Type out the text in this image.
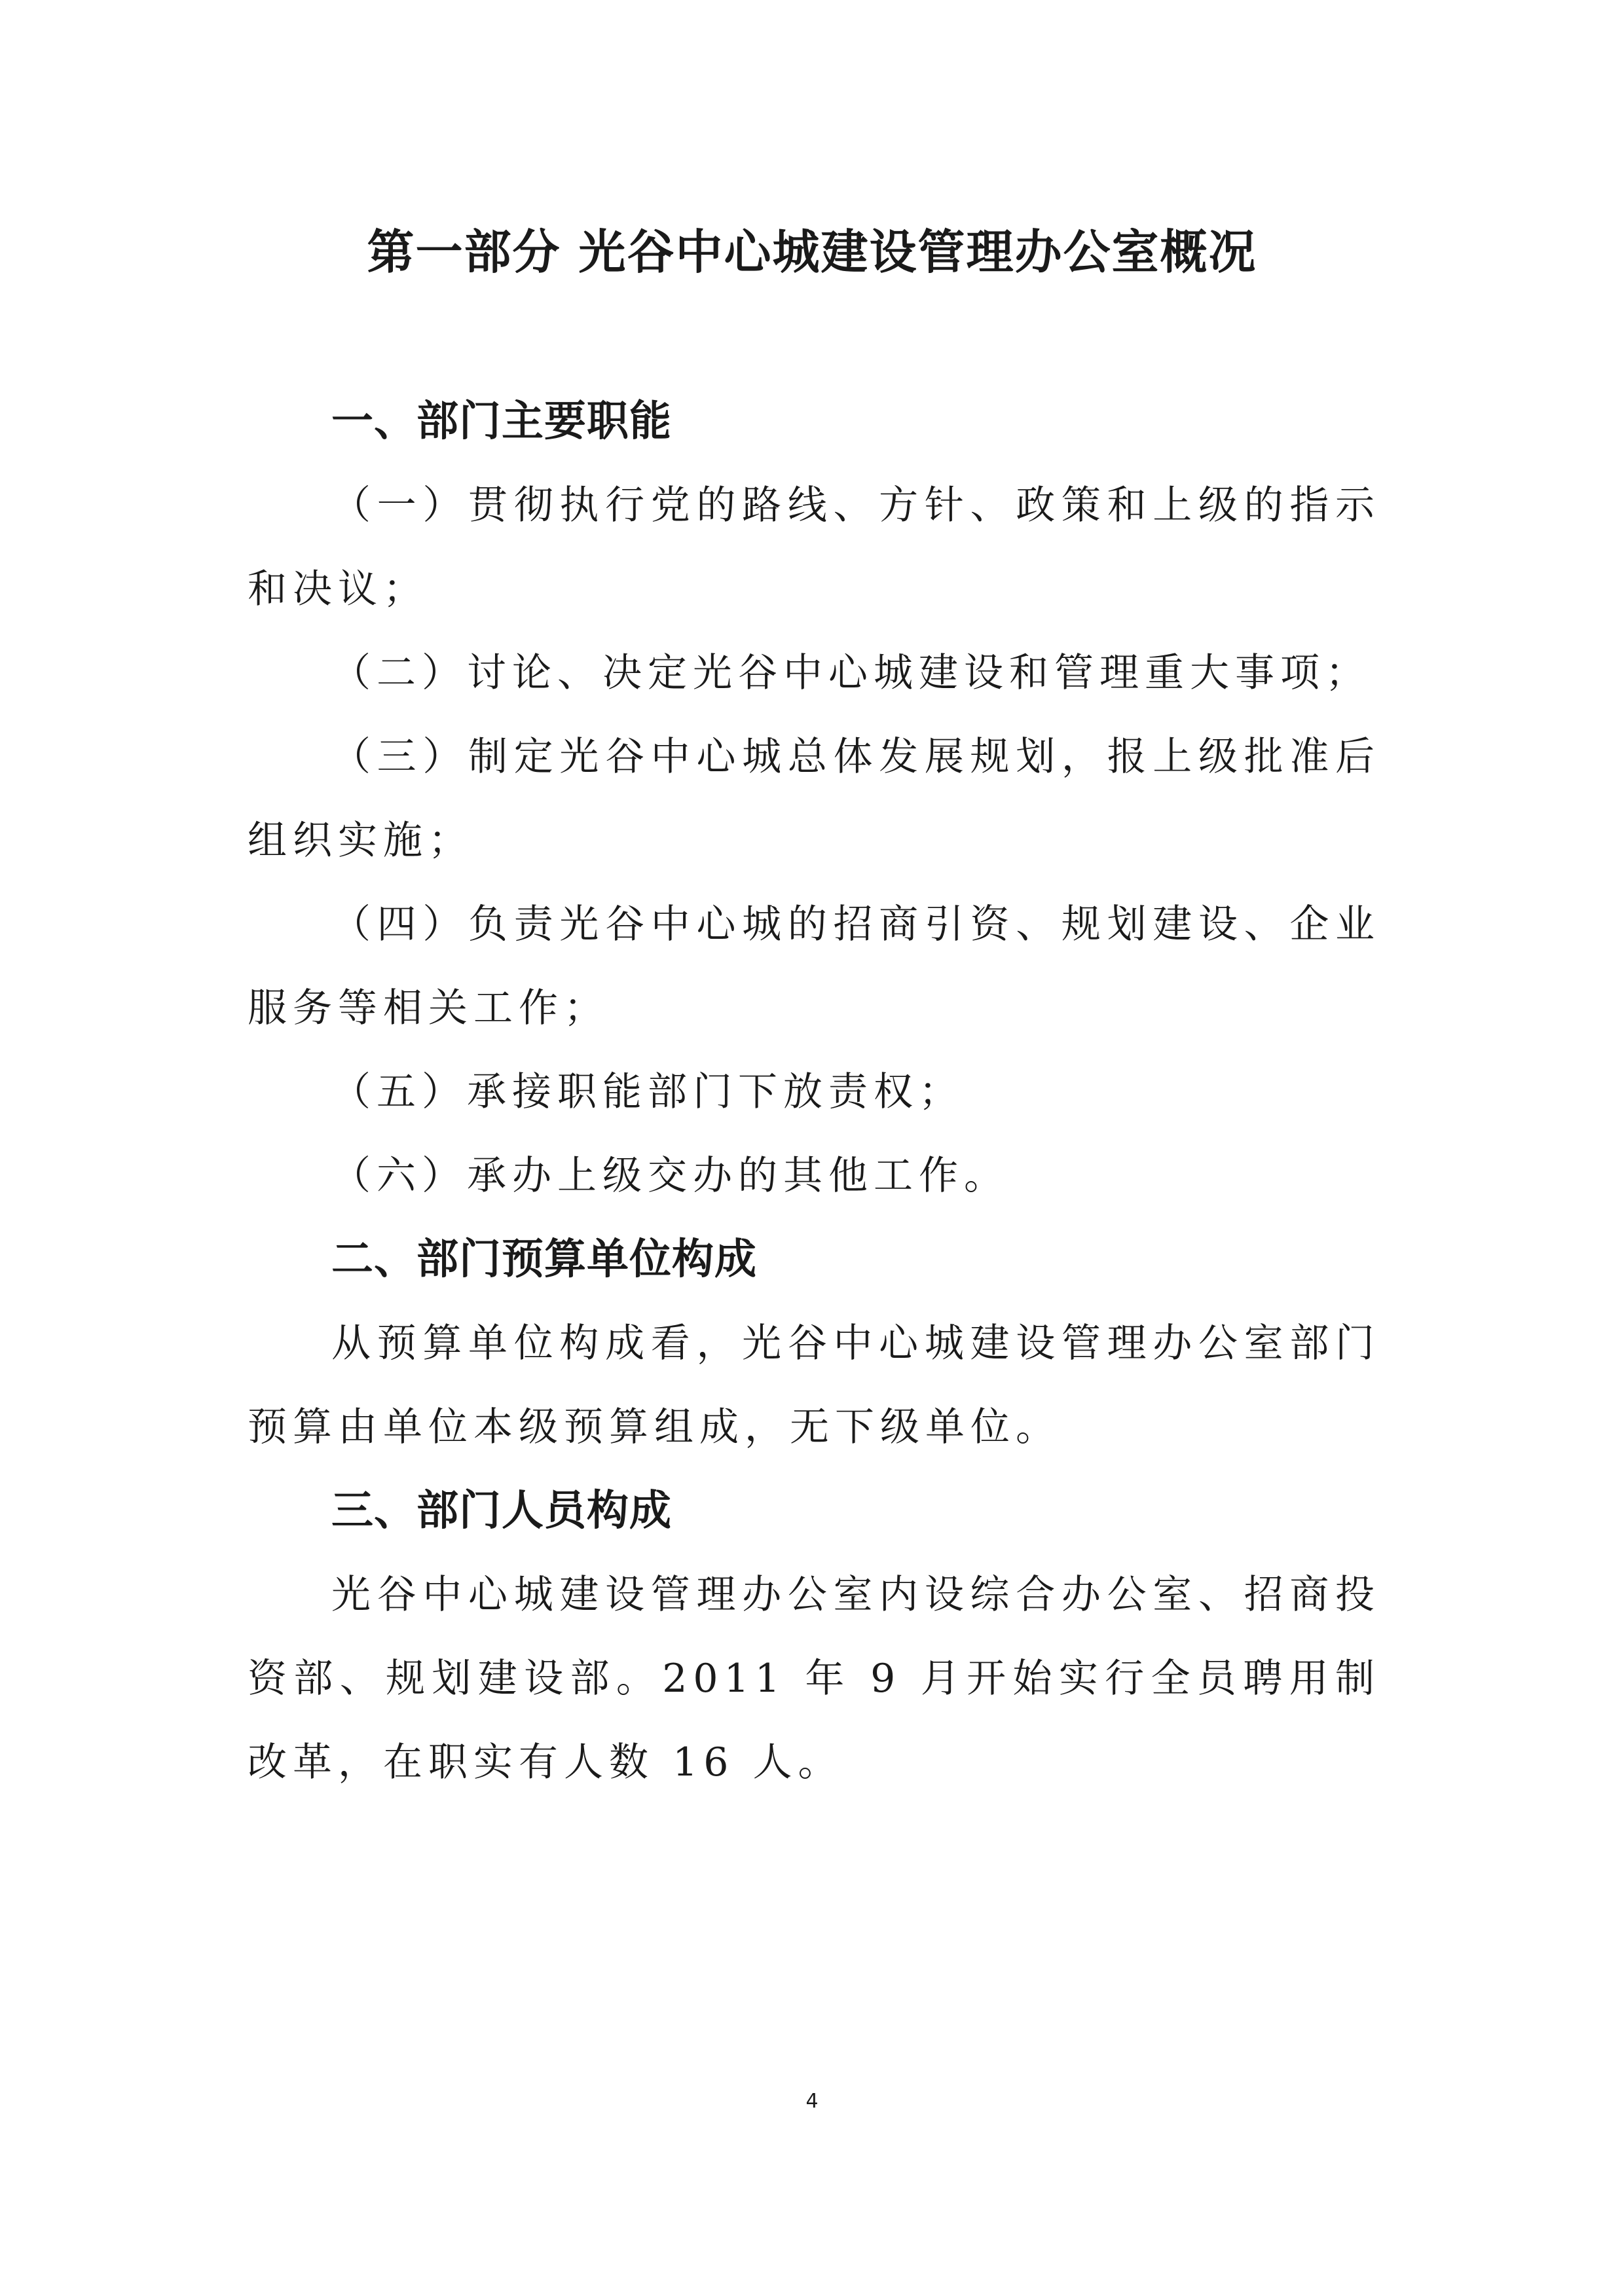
第一部分 光谷中心城建设管理办公室概况

一、部门主要职能

（一）贯彻执行党的路线、方针、政策和上级的指示和决议；

（二）讨论、决定光谷中心城建设和管理重大事项；

（三）制定光谷中心城总体发展规划，报上级批准后组织实施；

（四）负责光谷中心城的招商引资、规划建设、企业服务等相关工作；

（五）承接职能部门下放责权；

（六）承办上级交办的其他工作。

二、部门预算单位构成

从预算单位构成看，光谷中心城建设管理办公室部门预算由单位本级预算组成，无下级单位。

三、部门人员构成

光谷中心城建设管理办公室内设综合办公室、招商投资部、规划建设部。2011 年 9 月开始实行全员聘用制改革，在职实有人数 16 人。

4
